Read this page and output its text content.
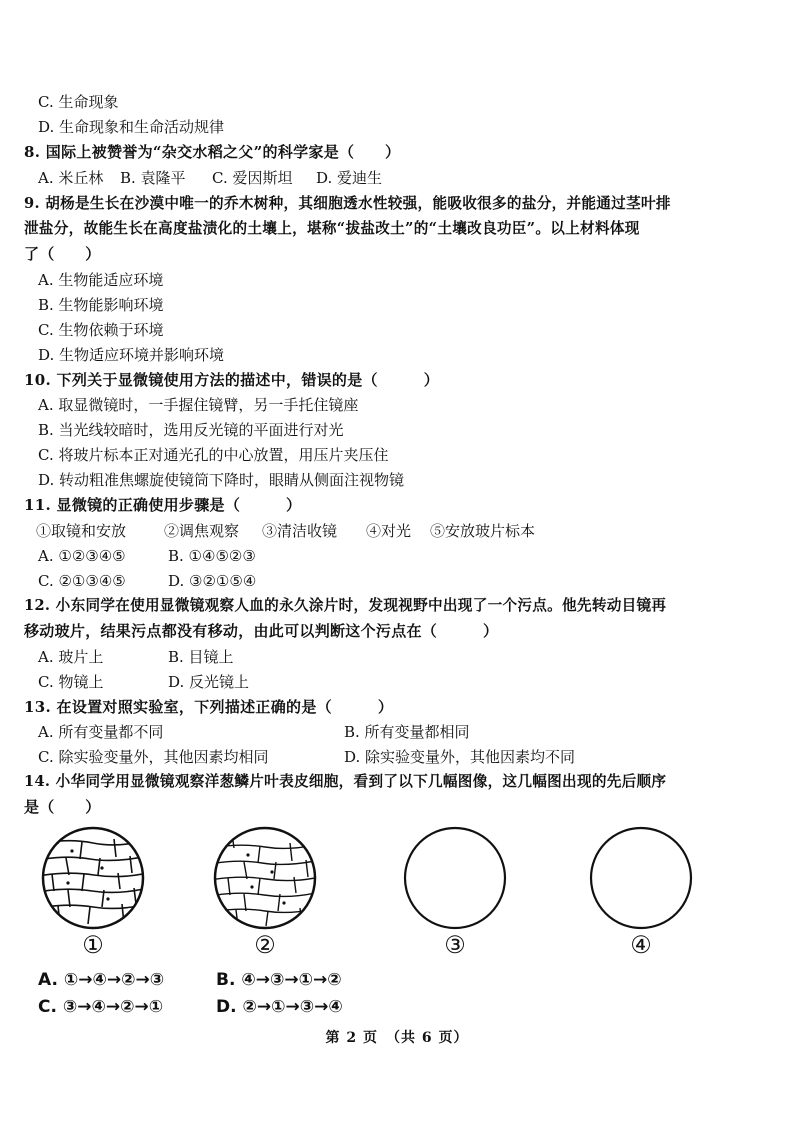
C. 生命现象
D. 生命现象和生命活动规律
8. 国际上被赞誉为“杂交水稻之父”的科学家是（　　）
A. 米丘林 B. 袁隆平 C. 爱因斯坦 D. 爱迪生
9. 胡杨是生长在沙漠中唯一的乔木树种，其细胞透水性较强，能吸收很多的盐分，并能通过茎叶排
泄盐分，故能生长在高度盐渍化的土壤上，堪称“拔盐改土”的“土壤改良功臣”。以上材料体现
了（　　）
A. 生物能适应环境
B. 生物能影响环境
C. 生物依赖于环境
D. 生物适应环境并影响环境
10. 下列关于显微镜使用方法的描述中，错误的是（　　　）
A. 取显微镜时，一手握住镜臂，另一手托住镜座
B. 当光线较暗时，选用反光镜的平面进行对光
C. 将玻片标本正对通光孔的中心放置，用压片夹压住
D. 转动粗准焦螺旋使镜筒下降时，眼睛从侧面注视物镜
11. 显微镜的正确使用步骤是（　　　）
①取镜和安放	②调焦观察 ③清洁收镜 ④对光 ⑤安放玻片标本
A. ①②③④⑤	B. ①④⑤②③
C. ②①③④⑤	D. ③②①⑤④
12. 小东同学在使用显微镜观察人血的永久涂片时，发现视野中出现了一个污点。他先转动目镜再
移动玻片，结果污点都没有移动，由此可以判断这个污点在（　　　）
A. 玻片上	B. 目镜上
C. 物镜上	D. 反光镜上
13. 在设置对照实验室，下列描述正确的是（　　　）
A. 所有变量都不同	B. 所有变量都相同
C. 除实验变量外，其他因素均相同	D. 除实验变量外，其他因素均不同
14. 小华同学用显微镜观察洋葱鳞片叶表皮细胞，看到了以下几幅图像，这几幅图出现的先后顺序
是（　　）
①	②	③	④
A. ①→④→②→③	B. ④→③→①→②
C. ③→④→②→①	D. ②→①→③→④
第 2 页　（共 6 页）
